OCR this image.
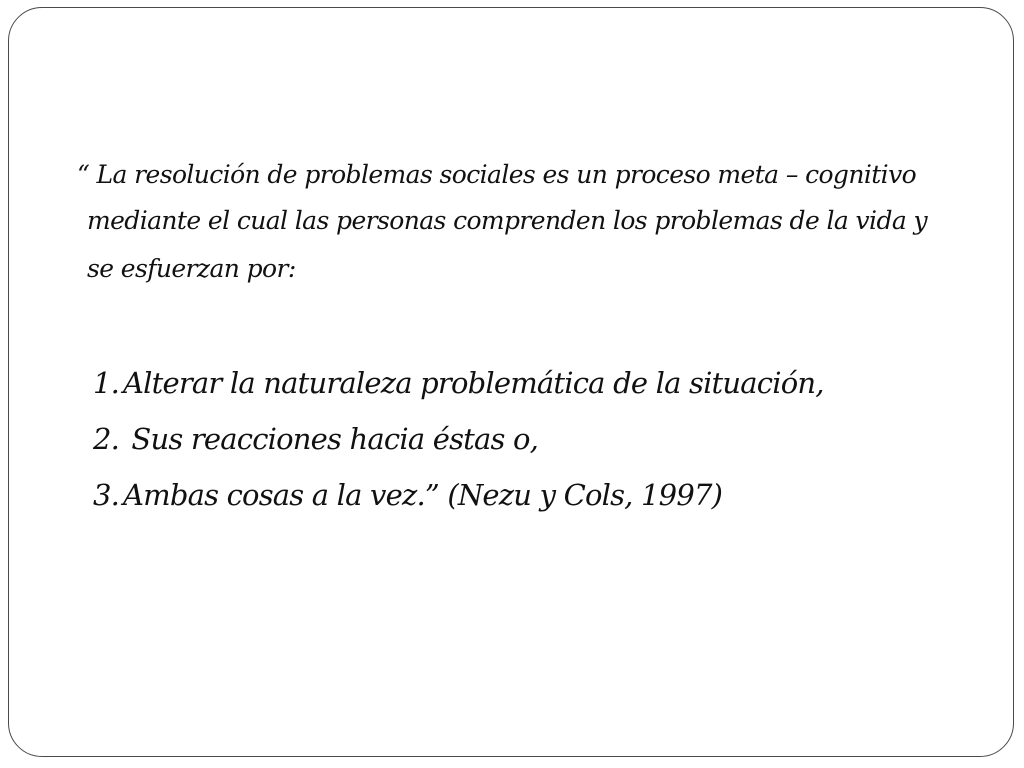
“ La resolución de problemas sociales es un proceso meta – cognitivo
mediante el cual las personas comprenden los problemas de la vida y
se esfuerzan por:
1. Alterar la naturaleza problemática de la situación,
2. Sus reacciones hacia éstas o,
3. Ambas cosas a la vez.” (Nezu y Cols, 1997)
